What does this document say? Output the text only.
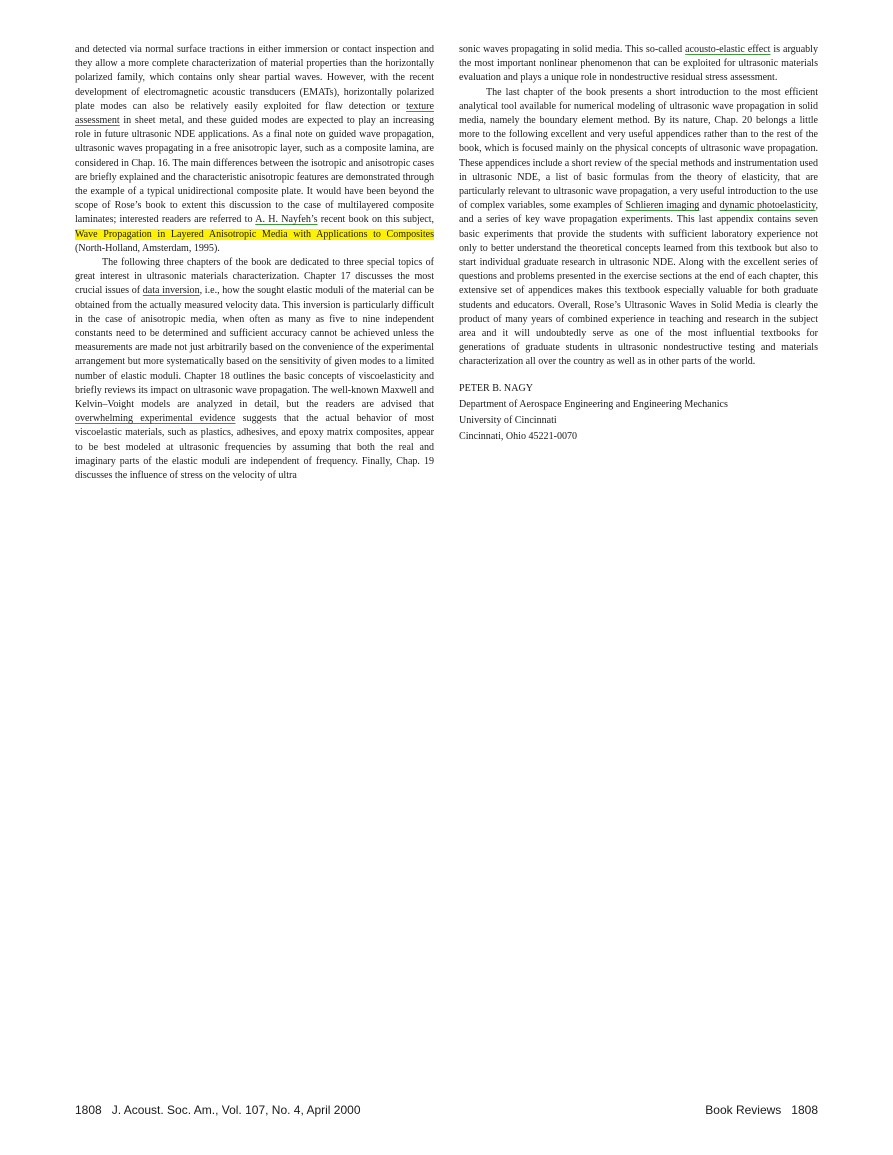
and detected via normal surface tractions in either immersion or contact inspection and they allow a more complete characterization of material properties than the horizontally polarized family, which contains only shear partial waves. However, with the recent development of electromagnetic acoustic transducers (EMATs), horizontally polarized plate modes can also be relatively easily exploited for flaw detection or texture assessment in sheet metal, and these guided modes are expected to play an increasing role in future ultrasonic NDE applications. As a final note on guided wave propagation, ultrasonic waves propagating in a free anisotropic layer, such as a composite lamina, are considered in Chap. 16. The main differences between the isotropic and anisotropic cases are briefly explained and the characteristic anisotropic features are demonstrated through the example of a typical unidirectional composite plate. It would have been beyond the scope of Rose’s book to extent this discussion to the case of multilayered composite laminates; interested readers are referred to A. H. Nayfeh’s recent book on this subject, Wave Propagation in Layered Anisotropic Media with Applications to Composites (North-Holland, Amsterdam, 1995).

The following three chapters of the book are dedicated to three special topics of great interest in ultrasonic materials characterization. Chapter 17 discusses the most crucial issues of data inversion, i.e., how the sought elastic moduli of the material can be obtained from the actually measured velocity data. This inversion is particularly difficult in the case of anisotropic media, when often as many as five to nine independent constants need to be determined and sufficient accuracy cannot be achieved unless the measurements are made not just arbitrarily based on the convenience of the experimental arrangement but more systematically based on the sensitivity of given modes to a limited number of elastic moduli. Chapter 18 outlines the basic concepts of viscoelasticity and briefly reviews its impact on ultrasonic wave propagation. The well-known Maxwell and Kelvin–Voight models are analyzed in detail, but the readers are advised that overwhelming experimental evidence suggests that the actual behavior of most viscoelastic materials, such as plastics, adhesives, and epoxy matrix composites, appear to be best modeled at ultrasonic frequencies by assuming that both the real and imaginary parts of the elastic moduli are independent of frequency. Finally, Chap. 19 discusses the influence of stress on the velocity of ultra

sonic waves propagating in solid media. This so-called acousto-elastic effect is arguably the most important nonlinear phenomenon that can be exploited for ultrasonic materials evaluation and plays a unique role in nondestructive residual stress assessment.

The last chapter of the book presents a short introduction to the most efficient analytical tool available for numerical modeling of ultrasonic wave propagation in solid media, namely the boundary element method. By its nature, Chap. 20 belongs a little more to the following excellent and very useful appendices rather than to the rest of the book, which is focused mainly on the physical concepts of ultrasonic wave propagation. These appendices include a short review of the special methods and instrumentation used in ultrasonic NDE, a list of basic formulas from the theory of elasticity, that are particularly relevant to ultrasonic wave propagation, a very useful introduction to the use of complex variables, some examples of Schlieren imaging and dynamic photoelasticity, and a series of key wave propagation experiments. This last appendix contains seven basic experiments that provide the students with sufficient laboratory experience not only to better understand the theoretical concepts learned from this textbook but also to start individual graduate research in ultrasonic NDE. Along with the excellent series of questions and problems presented in the exercise sections at the end of each chapter, this extensive set of appendices makes this textbook especially valuable for both graduate students and educators. Overall, Rose’s Ultrasonic Waves in Solid Media is clearly the product of many years of combined experience in teaching and research in the subject area and it will undoubtedly serve as one of the most influential textbooks for generations of graduate students in ultrasonic nondestructive testing and materials characterization all over the country as well as in other parts of the world.

PETER B. NAGY
Department of Aerospace Engineering and Engineering Mechanics
University of Cincinnati
Cincinnati, Ohio 45221-0070
1808   J. Acoust. Soc. Am., Vol. 107, No. 4, April 2000	Book Reviews   1808
